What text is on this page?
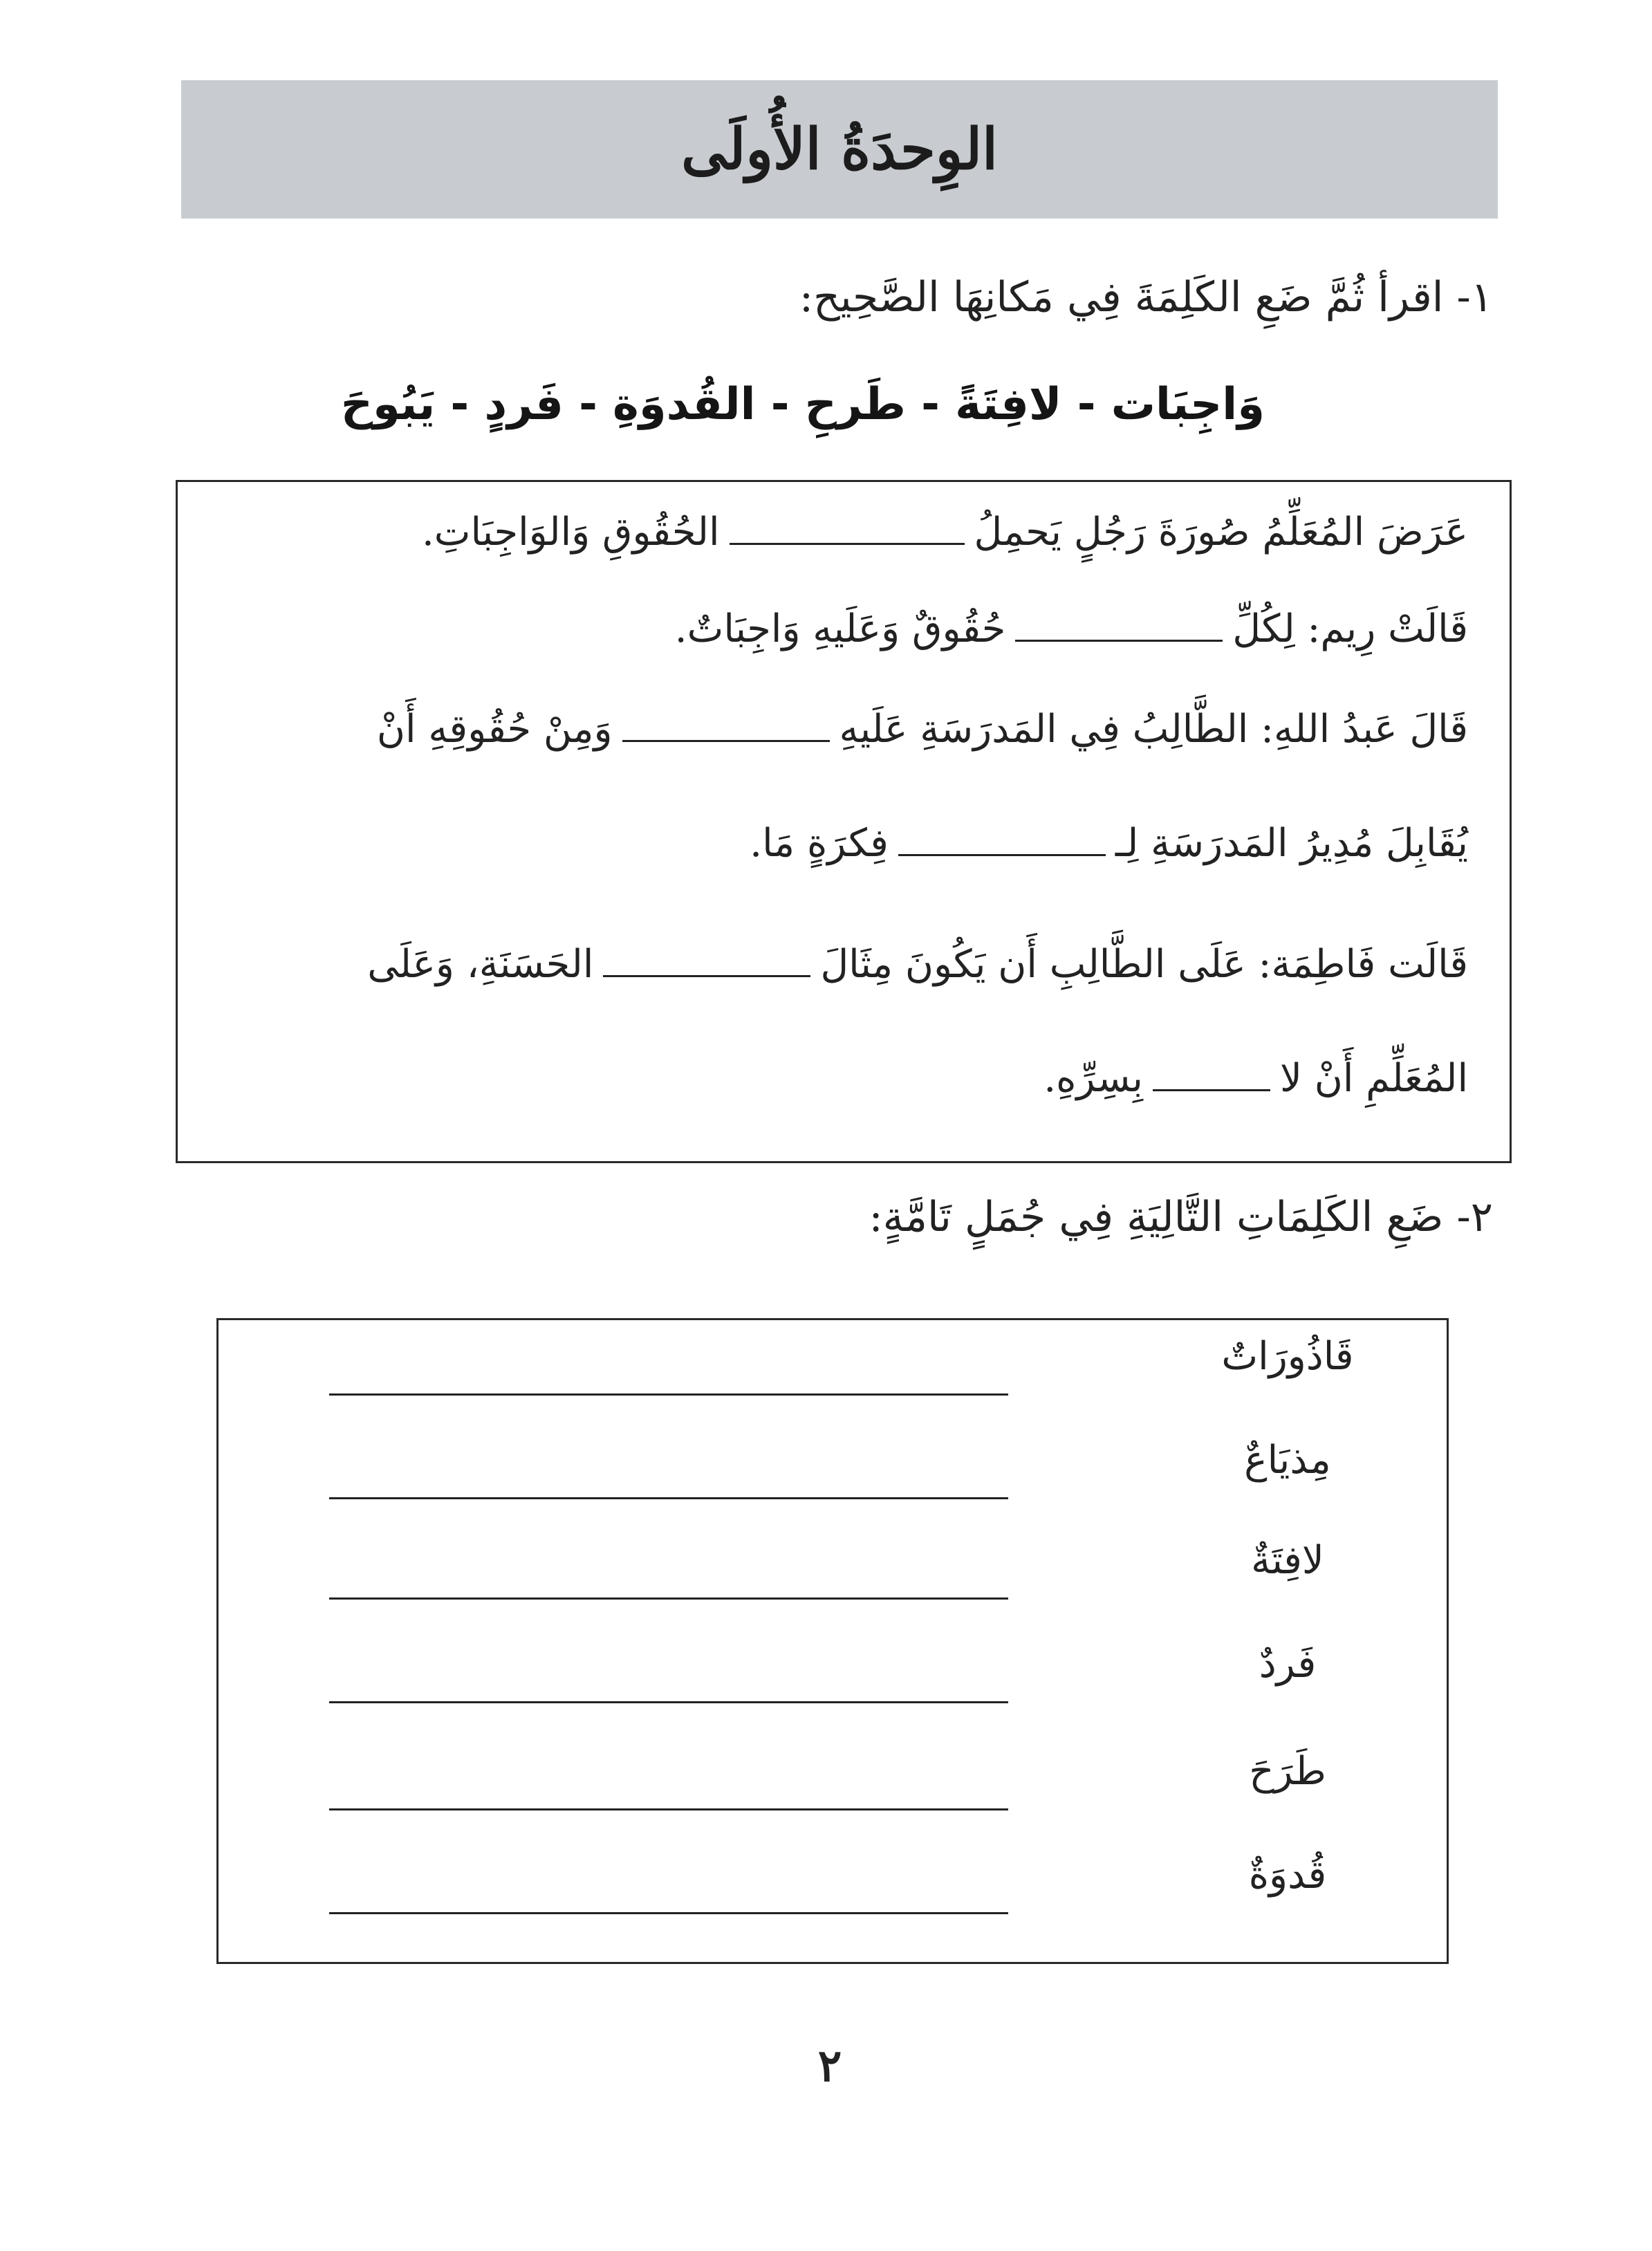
الوِحدَةُ الأُولَى
١- اقرأ ثُمَّ ضَعِ الكَلِمَةَ فِي مَكانِهَا الصَّحِيح:
وَاجِبَات - لافِتَةً - طَرحِ - القُدوَةِ - فَردٍ - يَبُوحَ
عَرَضَ المُعَلِّمُ صُورَةَ رَجُلٍ يَحمِلُ
الحُقُوقِ وَالوَاجِبَاتِ.
قَالَتْ رِيم: لِكُلِّ
حُقُوقٌ وَعَلَيهِ وَاجِبَاتٌ.
قَالَ عَبدُ اللهِ: الطَّالِبُ فِي المَدرَسَةِ عَلَيهِ
وَمِنْ حُقُوقِهِ أَنْ
يُقَابِلَ مُدِيرُ المَدرَسَةِ لِـ
فِكرَةٍ مَا.
قَالَت فَاطِمَة: عَلَى الطَّالِبِ أَن يَكُونَ مِثَالَ
الحَسَنَةِ، وَعَلَى
المُعَلِّمِ أَنْ لا
بِسِرِّهِ.
٢- ضَعِ الكَلِمَاتِ التَّالِيَةِ فِي جُمَلٍ تَامَّةٍ:
قَاذُورَاتٌ
مِذيَاعٌ
لافِتَةٌ
فَردٌ
طَرَحَ
قُدوَةٌ
٢
